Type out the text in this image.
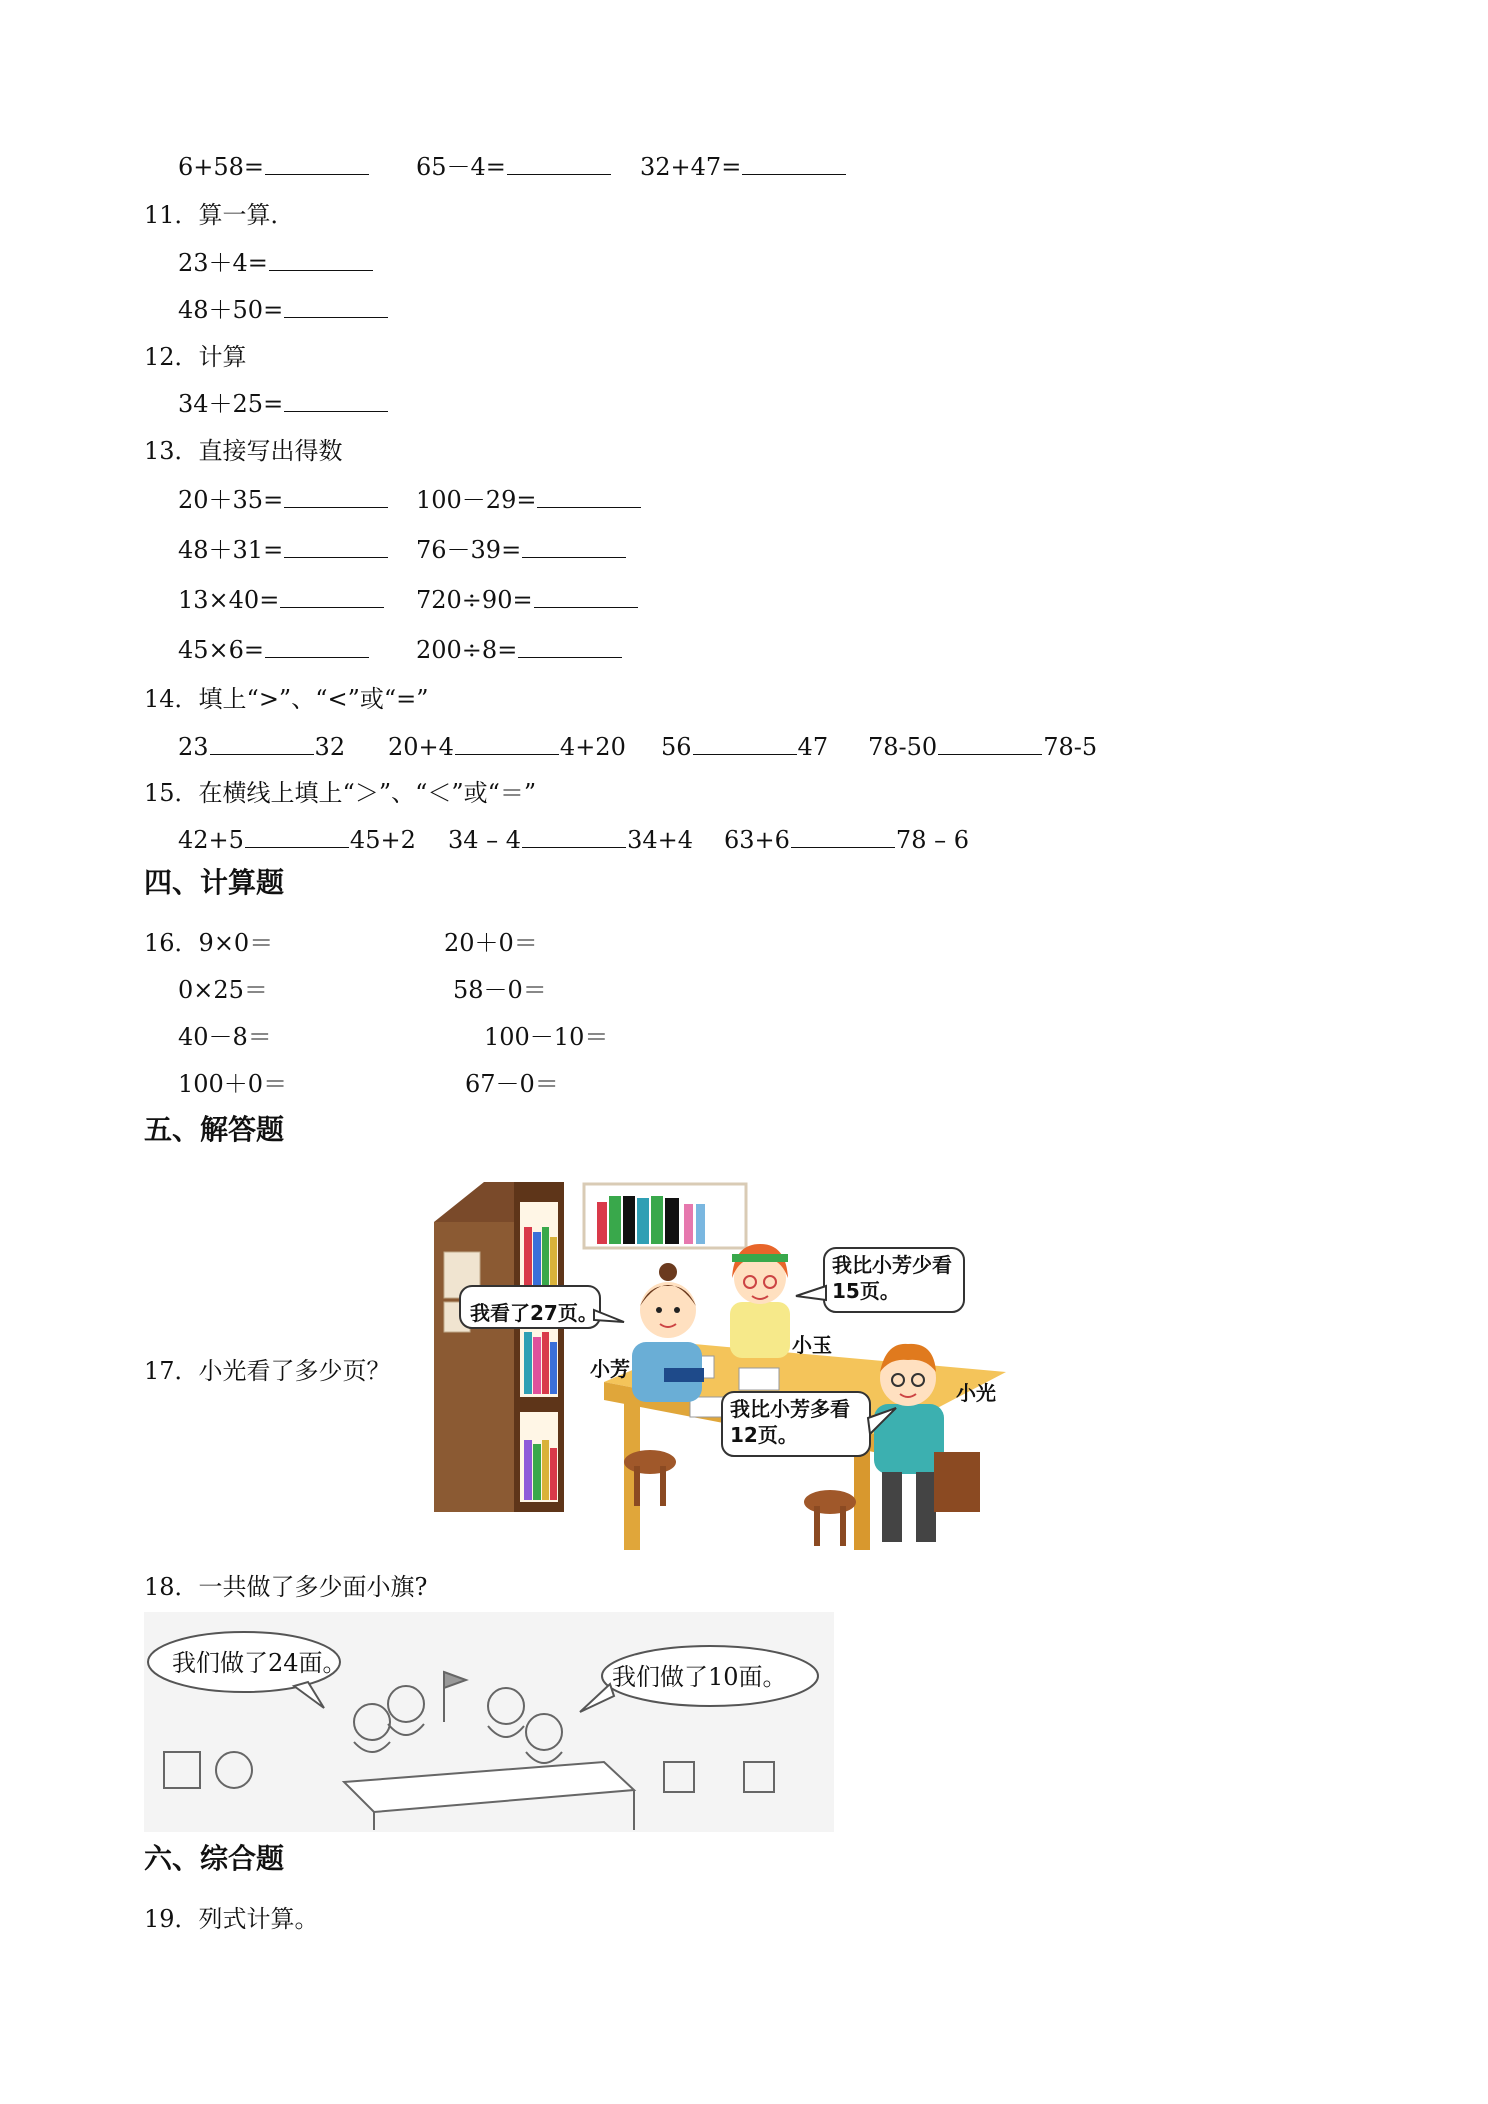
6+58=	65－4=	32+47=
11．算一算．
23＋4=
48＋50=
12．计算
34＋25=
13．直接写出得数
20＋35=	100－29=
48＋31=	76－39=
13×40=	720÷90=
45×6=	200÷8=
14．填上“>”、“<”或“=”
23	32 20+4	4+20 56	47 78-50	78-5
15．在横线上填上“＞”、“＜”或“＝”
42+5	45+2 34 – 4	34+4 63+6	78 – 6
四、计算题
16．9×0＝	20＋0＝
0×25＝	58－0＝
40－8＝	100－10＝
100＋0＝	67－0＝
五、解答题
17．小光看了多少页？
我看了27页。
我比小芳少看15页。
我比小芳多看12页。
小芳
小玉
小光
18．一共做了多少面小旗?
我们做了24面。	我们做了10面。
六、综合题
19．列式计算。
